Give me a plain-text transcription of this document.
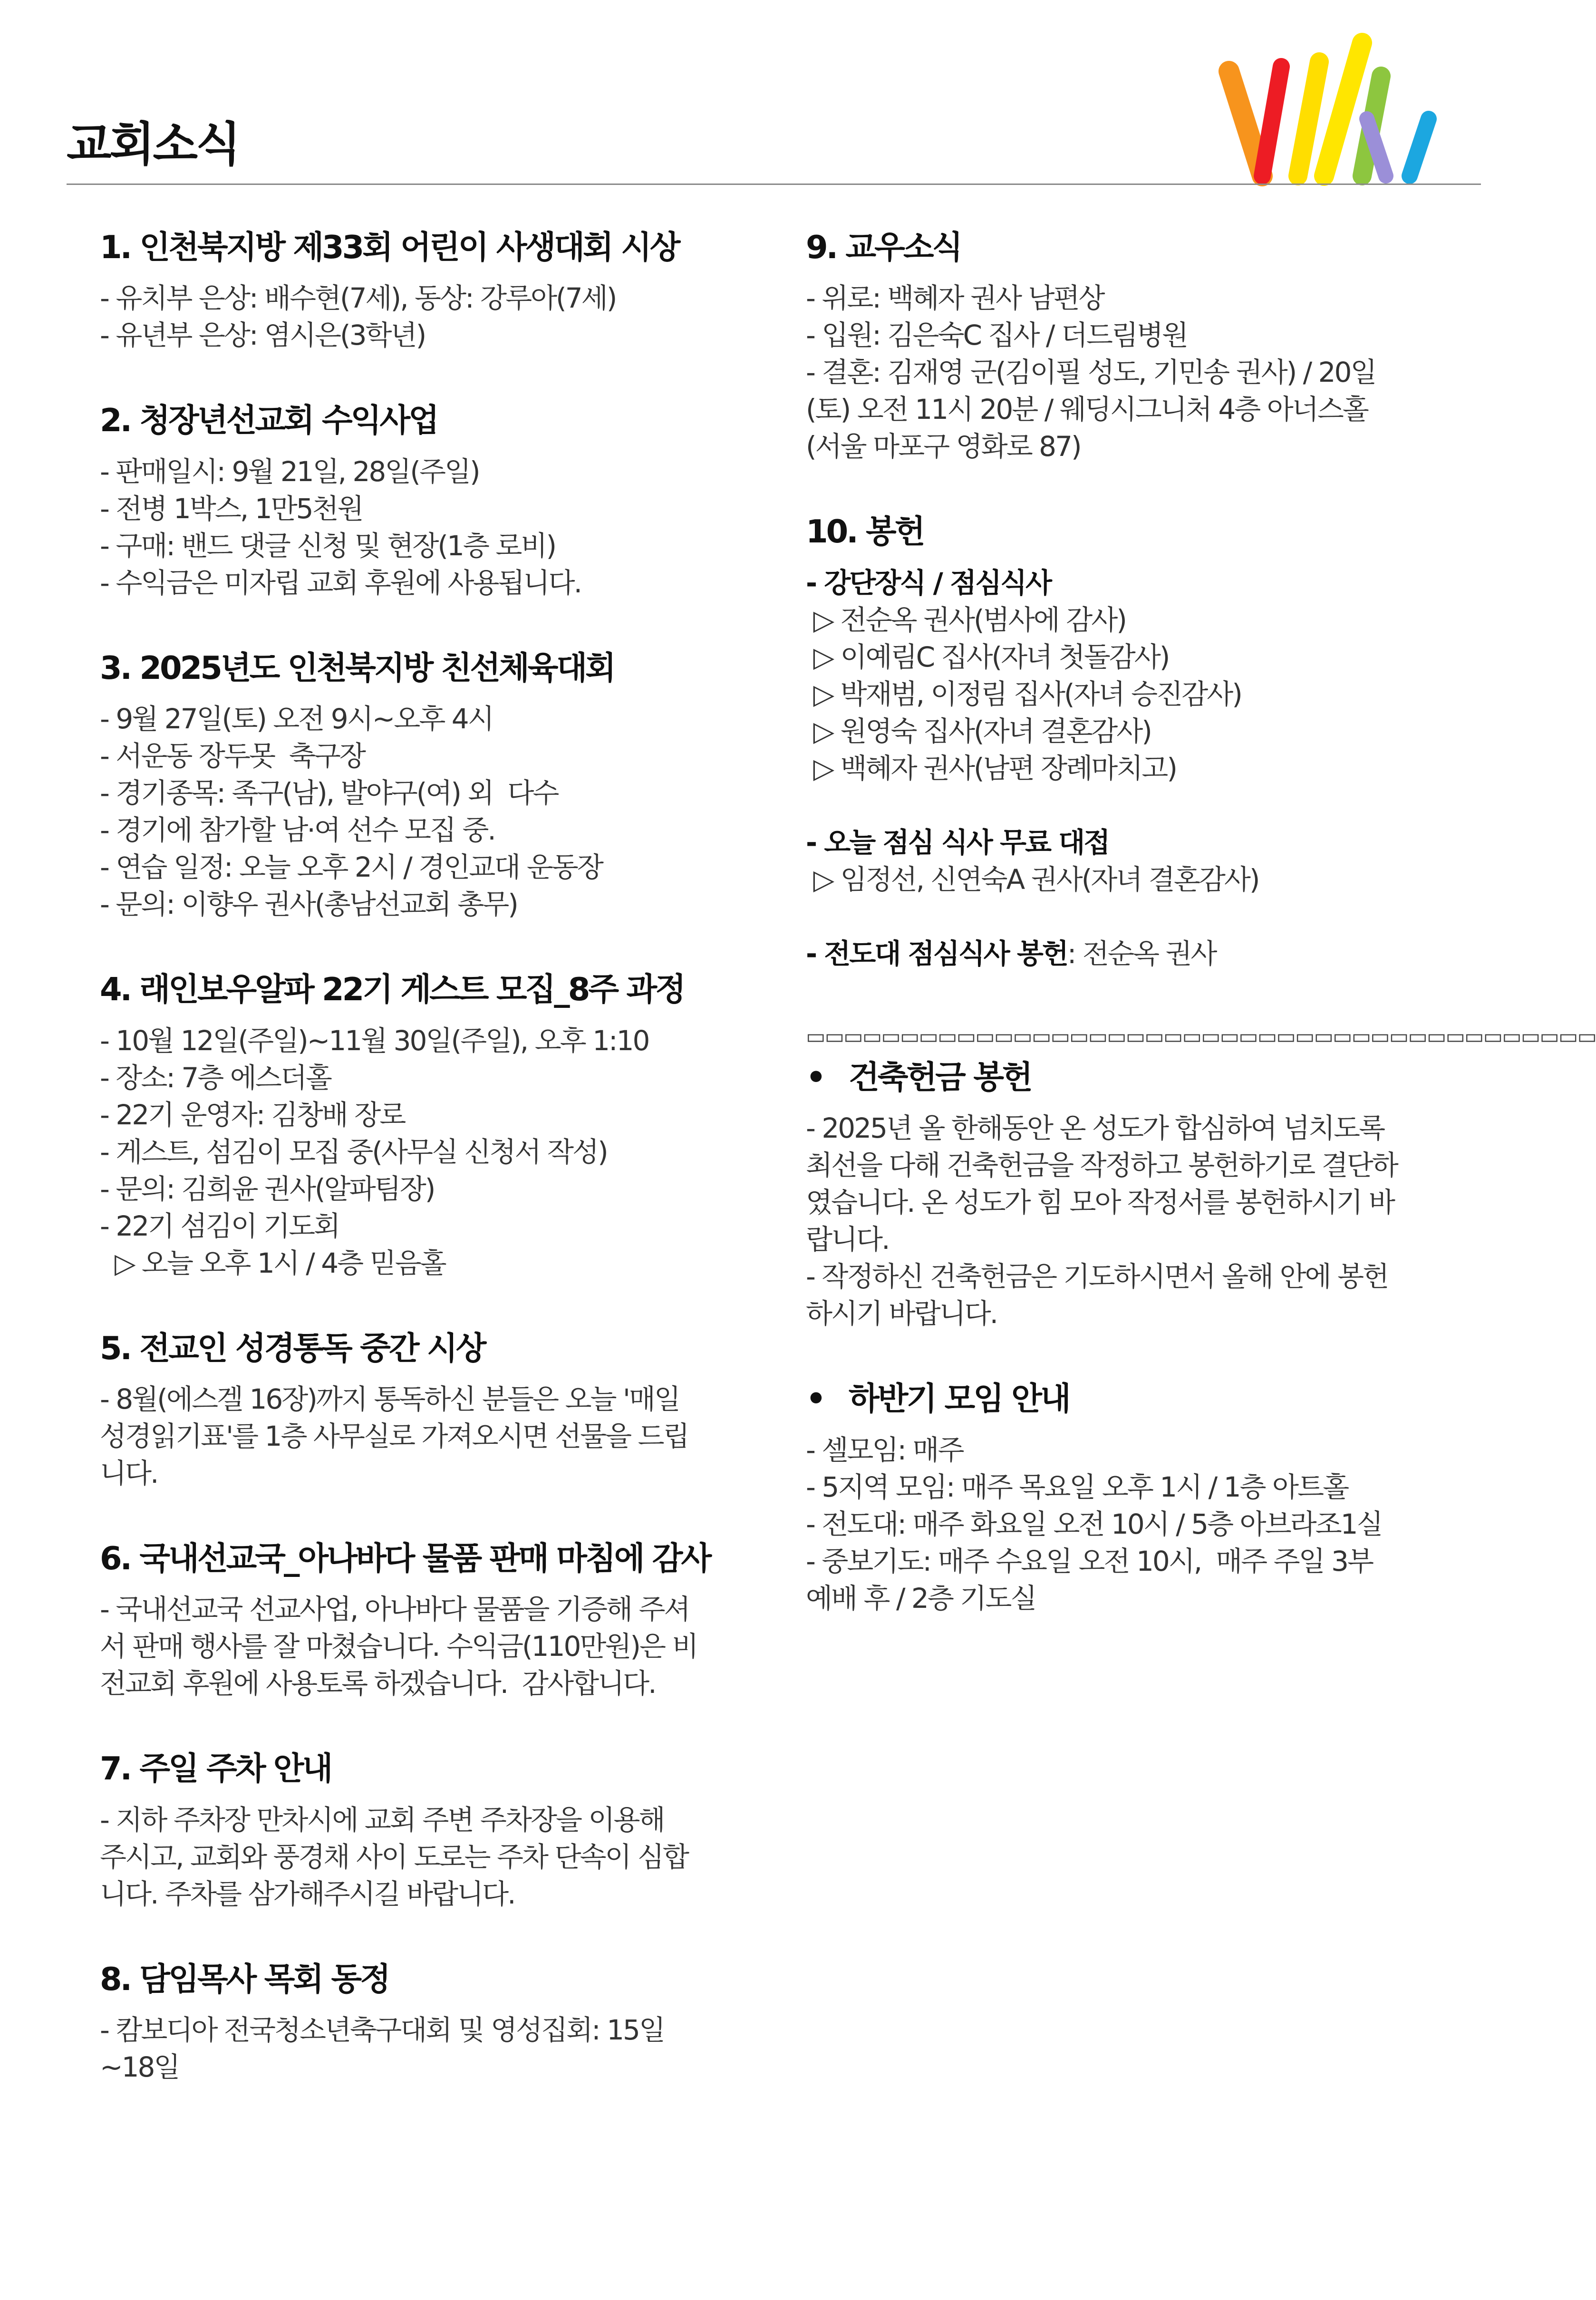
교회소식
1. 인천북지방 제33회 어린이 사생대회 시상
- 유치부 은상: 배수현(7세), 동상: 강루아(7세)
- 유년부 은상: 염시은(3학년)
2. 청장년선교회 수익사업
- 판매일시: 9월 21일, 28일(주일)
- 전병 1박스, 1만5천원
- 구매: 밴드 댓글 신청 및 현장(1층 로비)
- 수익금은 미자립 교회 후원에 사용됩니다.
3. 2025년도 인천북지방 친선체육대회
- 9월 27일(토) 오전 9시~오후 4시
- 서운동 장두못  축구장
- 경기종목: 족구(남), 발야구(여) 외  다수
- 경기에 참가할 남·여 선수 모집 중.
- 연습 일정: 오늘 오후 2시 / 경인교대 운동장
- 문의: 이향우 권사(총남선교회 총무)
4. 래인보우알파 22기 게스트 모집_8주 과정
- 10월 12일(주일)~11월 30일(주일), 오후 1:10
- 장소: 7층 에스더홀
- 22기 운영자: 김창배 장로
- 게스트, 섬김이 모집 중(사무실 신청서 작성)
- 문의: 김희윤 권사(알파팀장)
- 22기 섬김이 기도회
▷ 오늘 오후 1시 / 4층 믿음홀
5. 전교인 성경통독 중간 시상
- 8월(에스겔 16장)까지 통독하신 분들은 오늘 '매일
성경읽기표'를 1층 사무실로 가져오시면 선물을 드립
니다.
6. 국내선교국_아나바다 물품 판매 마침에 감사
- 국내선교국 선교사업, 아나바다 물품을 기증해 주셔
서 판매 행사를 잘 마쳤습니다. 수익금(110만원)은 비
전교회 후원에 사용토록 하겠습니다.  감사합니다.
7. 주일 주차 안내
- 지하 주차장 만차시에 교회 주변 주차장을 이용해
주시고, 교회와 풍경채 사이 도로는 주차 단속이 심합
니다. 주차를 삼가해주시길 바랍니다.
8. 담임목사 목회 동정
- 캄보디아 전국청소년축구대회 및 영성집회: 15일
~18일
9. 교우소식
- 위로: 백혜자 권사 남편상
- 입원: 김은숙C 집사 / 더드림병원
- 결혼: 김재영 군(김이필 성도, 기민송 권사) / 20일
(토) 오전 11시 20분 / 웨딩시그니처 4층 아너스홀
(서울 마포구 영화로 87)
10. 봉헌
- 강단장식 / 점심식사
▷ 전순옥 권사(범사에 감사)
▷ 이예림C 집사(자녀 첫돌감사)
▷ 박재범, 이정림 집사(자녀 승진감사)
▷ 원영숙 집사(자녀 결혼감사)
▷ 백혜자 권사(남편 장례마치고)
- 오늘 점심 식사 무료 대접
▷ 임정선, 신연숙A 권사(자녀 결혼감사)
- 전도대 점심식사 봉헌: 전순옥 권사
▭▭▭▭▭▭▭▭▭▭▭▭▭▭▭▭▭▭▭▭▭▭▭▭▭▭▭▭▭▭▭▭▭▭▭▭▭▭▭▭▭▭
• 건축헌금 봉헌
- 2025년 올 한해동안 온 성도가 합심하여 넘치도록
최선을 다해 건축헌금을 작정하고 봉헌하기로 결단하
였습니다. 온 성도가 힘 모아 작정서를 봉헌하시기 바
랍니다.
- 작정하신 건축헌금은 기도하시면서 올해 안에 봉헌
하시기 바랍니다.
• 하반기 모임 안내
- 셀모임: 매주
- 5지역 모임: 매주 목요일 오후 1시 / 1층 아트홀
- 전도대: 매주 화요일 오전 10시 / 5층 아브라조1실
- 중보기도: 매주 수요일 오전 10시,  매주 주일 3부
예배 후 / 2층 기도실
